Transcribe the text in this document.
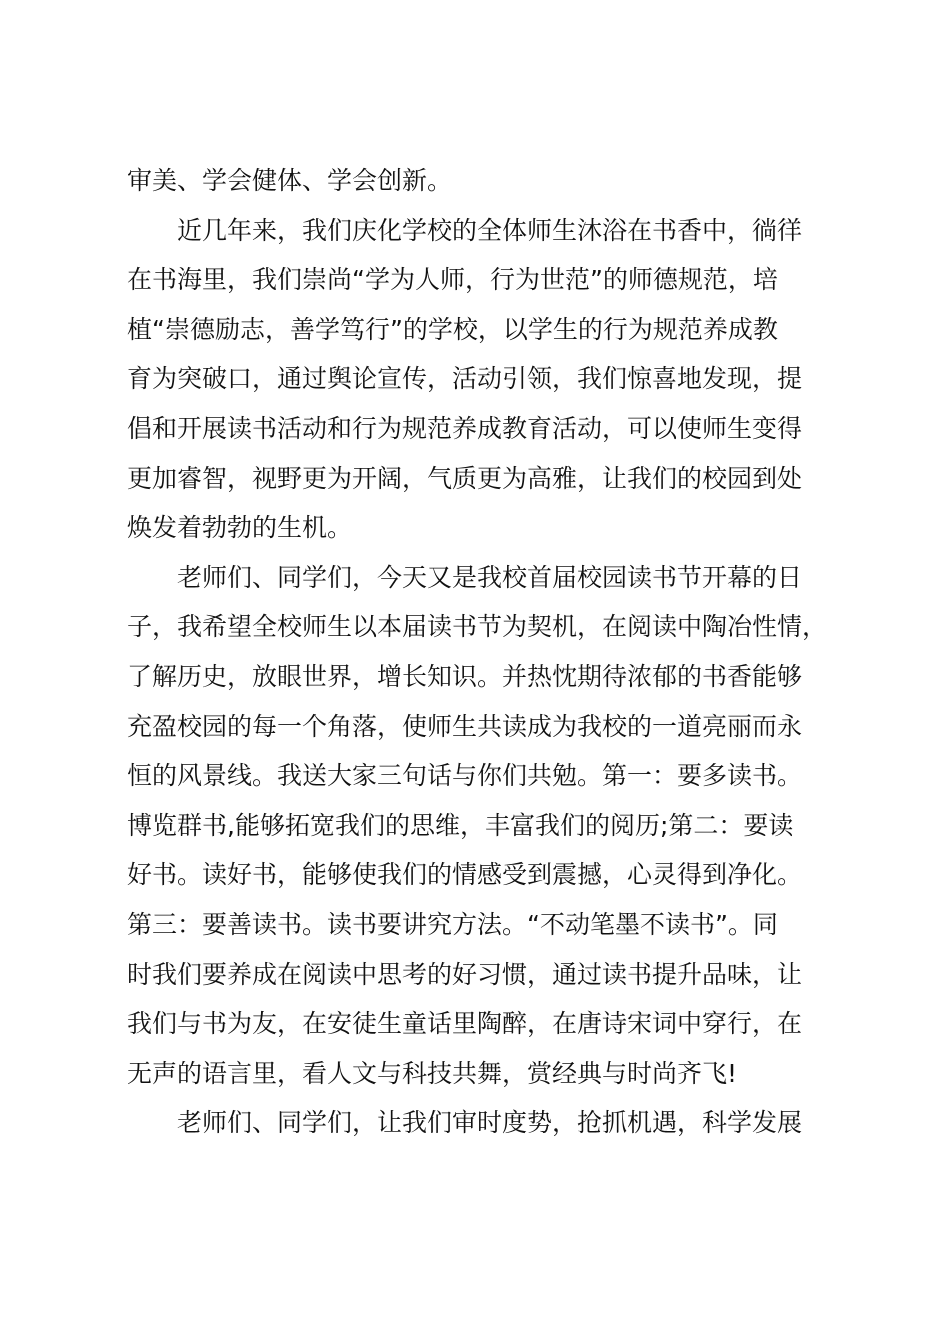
审美、学会健体、学会创新。
近几年来，我们庆化学校的全体师生沐浴在书香中，徜徉
在书海里，我们崇尚“学为人师，行为世范”的师德规范，培
植“崇德励志，善学笃行”的学校，以学生的行为规范养成教
育为突破口，通过舆论宣传，活动引领，我们惊喜地发现，提
倡和开展读书活动和行为规范养成教育活动，可以使师生变得
更加睿智，视野更为开阔，气质更为高雅，让我们的校园到处
焕发着勃勃的生机。
老师们、同学们，今天又是我校首届校园读书节开幕的日
子，我希望全校师生以本届读书节为契机，在阅读中陶冶性情，
了解历史，放眼世界，增长知识。并热忱期待浓郁的书香能够
充盈校园的每一个角落，使师生共读成为我校的一道亮丽而永
恒的风景线。我送大家三句话与你们共勉。第一：要多读书。
博览群书,能够拓宽我们的思维，丰富我们的阅历;第二：要读
好书。读好书，能够使我们的情感受到震撼，心灵得到净化。
第三：要善读书。读书要讲究方法。“不动笔墨不读书”。同
时我们要养成在阅读中思考的好习惯，通过读书提升品味，让
我们与书为友，在安徒生童话里陶醉，在唐诗宋词中穿行，在
无声的语言里，看人文与科技共舞，赏经典与时尚齐飞!
老师们、同学们，让我们审时度势，抢抓机遇，科学发展
